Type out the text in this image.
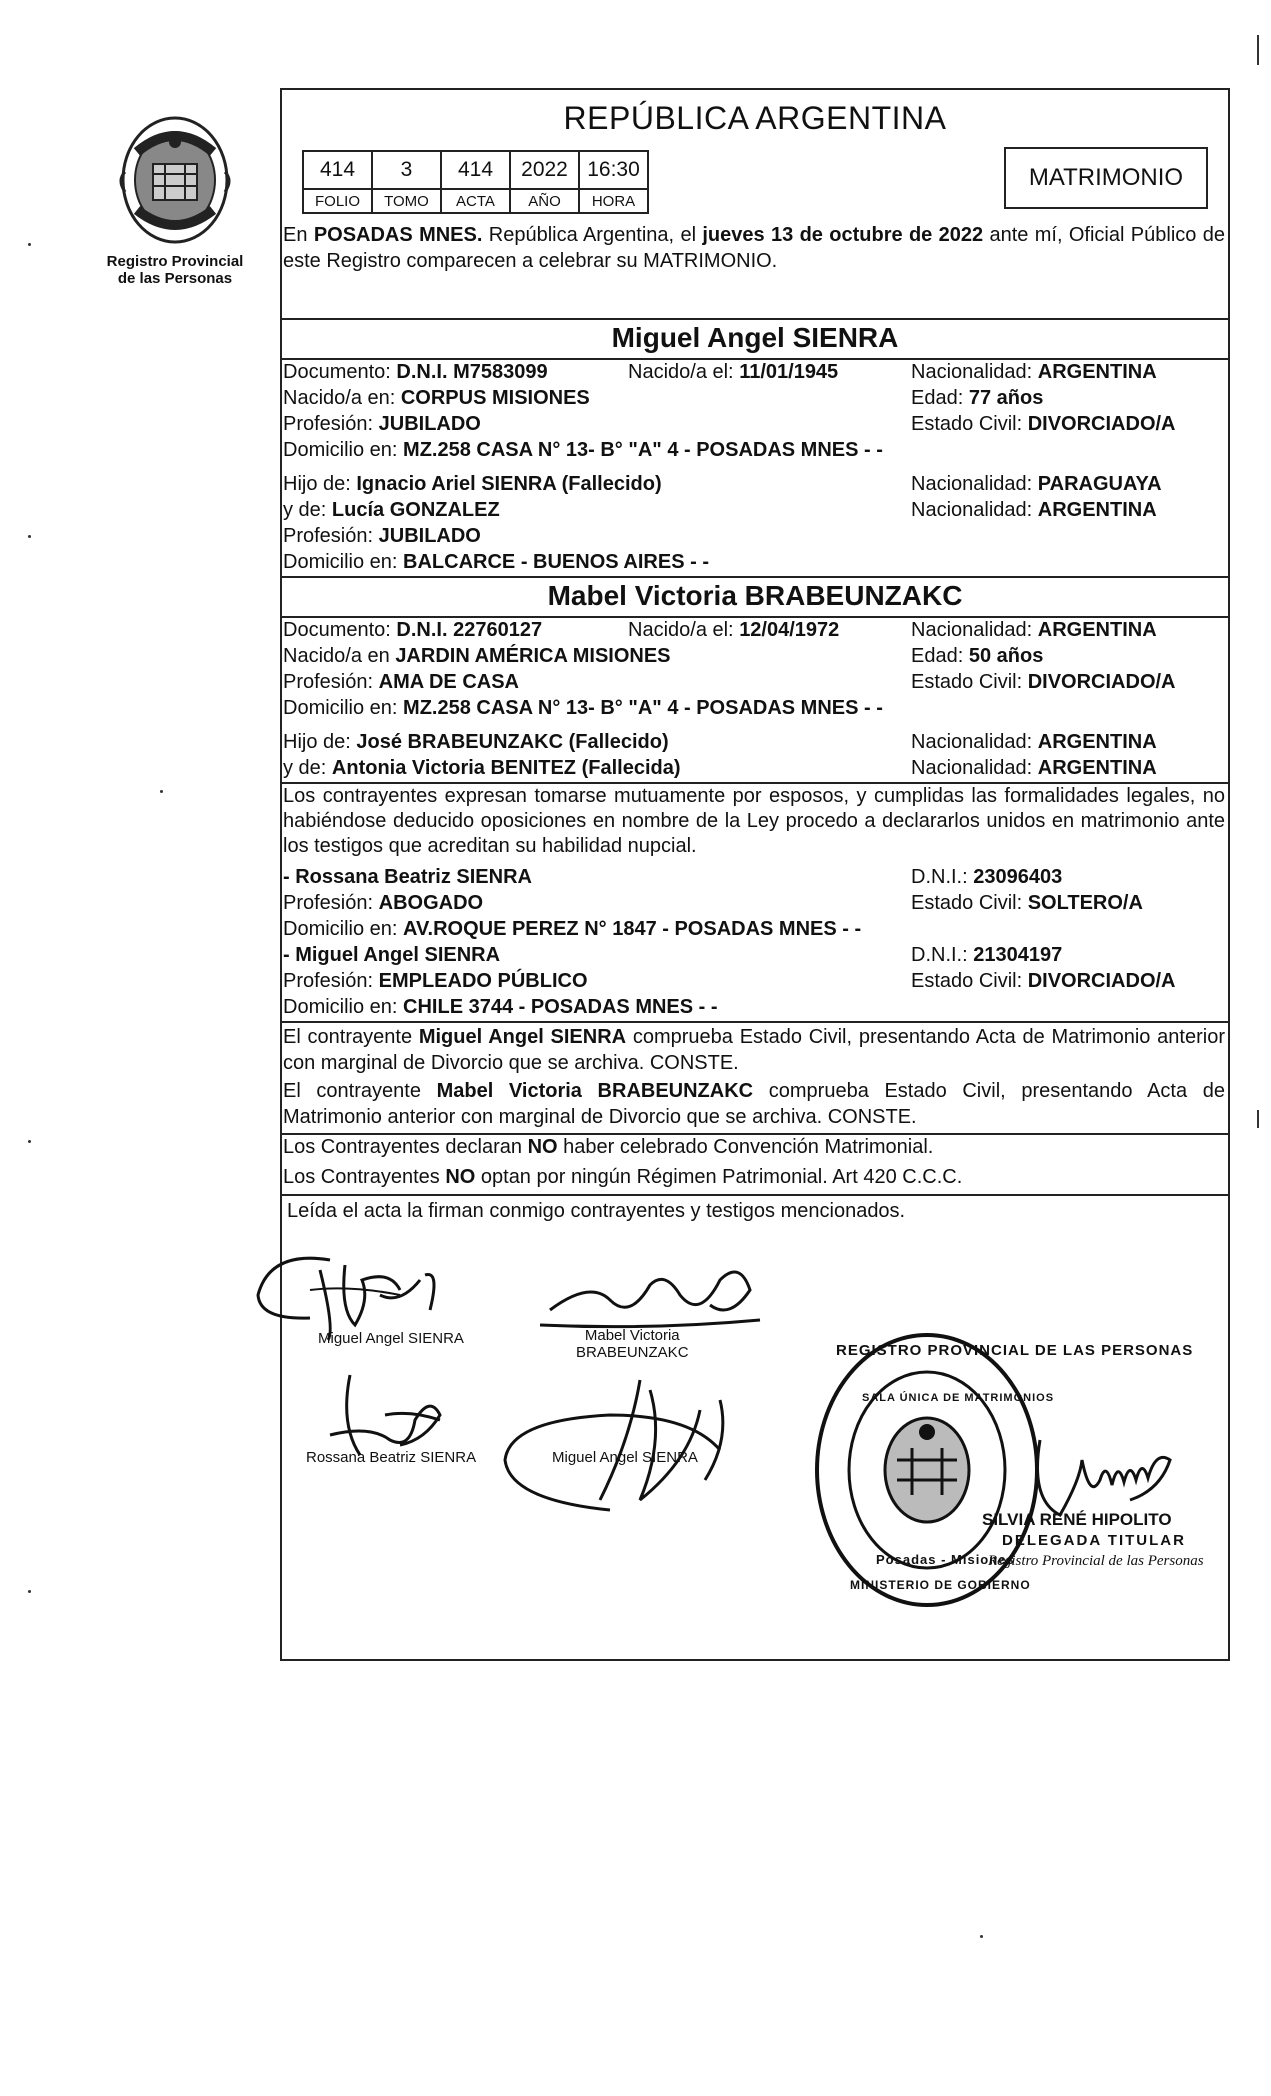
Registro Provincial
de las Personas
REPÚBLICA ARGENTINA
414	3	414	2022	16:30
FOLIO	TOMO	ACTA	AÑO	HORA
MATRIMONIO
En POSADAS MNES. República Argentina, el jueves 13 de octubre de 2022 ante mí, Oficial Público de este Registro comparecen a celebrar su MATRIMONIO.
Miguel Angel SIENRA
Documento: D.N.I. M7583099	Nacido/a el: 11/01/1945	Nacionalidad: ARGENTINA
Nacido/a en: CORPUS MISIONES	Edad: 77 años
Profesión: JUBILADO	Estado Civil: DIVORCIADO/A
Domicilio en: MZ.258 CASA N° 13- B° "A" 4 - POSADAS MNES - -
Hijo de: Ignacio Ariel SIENRA (Fallecido)	Nacionalidad: PARAGUAYA
y de: Lucía GONZALEZ	Nacionalidad: ARGENTINA
Profesión: JUBILADO
Domicilio en: BALCARCE - BUENOS AIRES - -
Mabel Victoria BRABEUNZAKC
Documento: D.N.I. 22760127	Nacido/a el: 12/04/1972	Nacionalidad: ARGENTINA
Nacido/a en JARDIN AMÉRICA MISIONES	Edad: 50 años
Profesión: AMA DE CASA	Estado Civil: DIVORCIADO/A
Domicilio en: MZ.258 CASA N° 13- B° "A" 4 - POSADAS MNES - -
Hijo de: José BRABEUNZAKC (Fallecido)	Nacionalidad: ARGENTINA
y de: Antonia Victoria BENITEZ (Fallecida)	Nacionalidad: ARGENTINA
Los contrayentes expresan tomarse mutuamente por esposos, y cumplidas las formalidades legales, no habiéndose deducido oposiciones en nombre de la Ley procedo a declararlos unidos en matrimonio ante los testigos que acreditan su habilidad nupcial.
- Rossana Beatriz SIENRA	D.N.I.: 23096403
Profesión: ABOGADO	Estado Civil: SOLTERO/A
Domicilio en: AV.ROQUE PEREZ N° 1847 - POSADAS MNES - -
- Miguel Angel SIENRA	D.N.I.: 21304197
Profesión: EMPLEADO PÚBLICO	Estado Civil: DIVORCIADO/A
Domicilio en: CHILE 3744 - POSADAS MNES - -
El contrayente Miguel Angel SIENRA comprueba Estado Civil, presentando Acta de Matrimonio anterior con marginal de Divorcio que se archiva. CONSTE.
El contrayente Mabel Victoria BRABEUNZAKC comprueba Estado Civil, presentando Acta de Matrimonio anterior con marginal de Divorcio que se archiva. CONSTE.
Los Contrayentes declaran NO haber celebrado Convención Matrimonial.
Los Contrayentes NO optan por ningún Régimen Patrimonial. Art 420 C.C.C.
Leída el acta la firman conmigo contrayentes y testigos mencionados.
Miguel Angel SIENRA	Mabel Victoria
BRABEUNZAKC
Rossana Beatriz SIENRA	Miguel Angel SIENRA
REGISTRO PROVINCIAL DE LAS PERSONAS
SALA ÚNICA DE MATRIMONIOS
Posadas - Misiones
MINISTERIO DE GOBIERNO
SILVIA RENÉ HIPOLITO
DELEGADA TITULAR
Registro Provincial de las Personas
